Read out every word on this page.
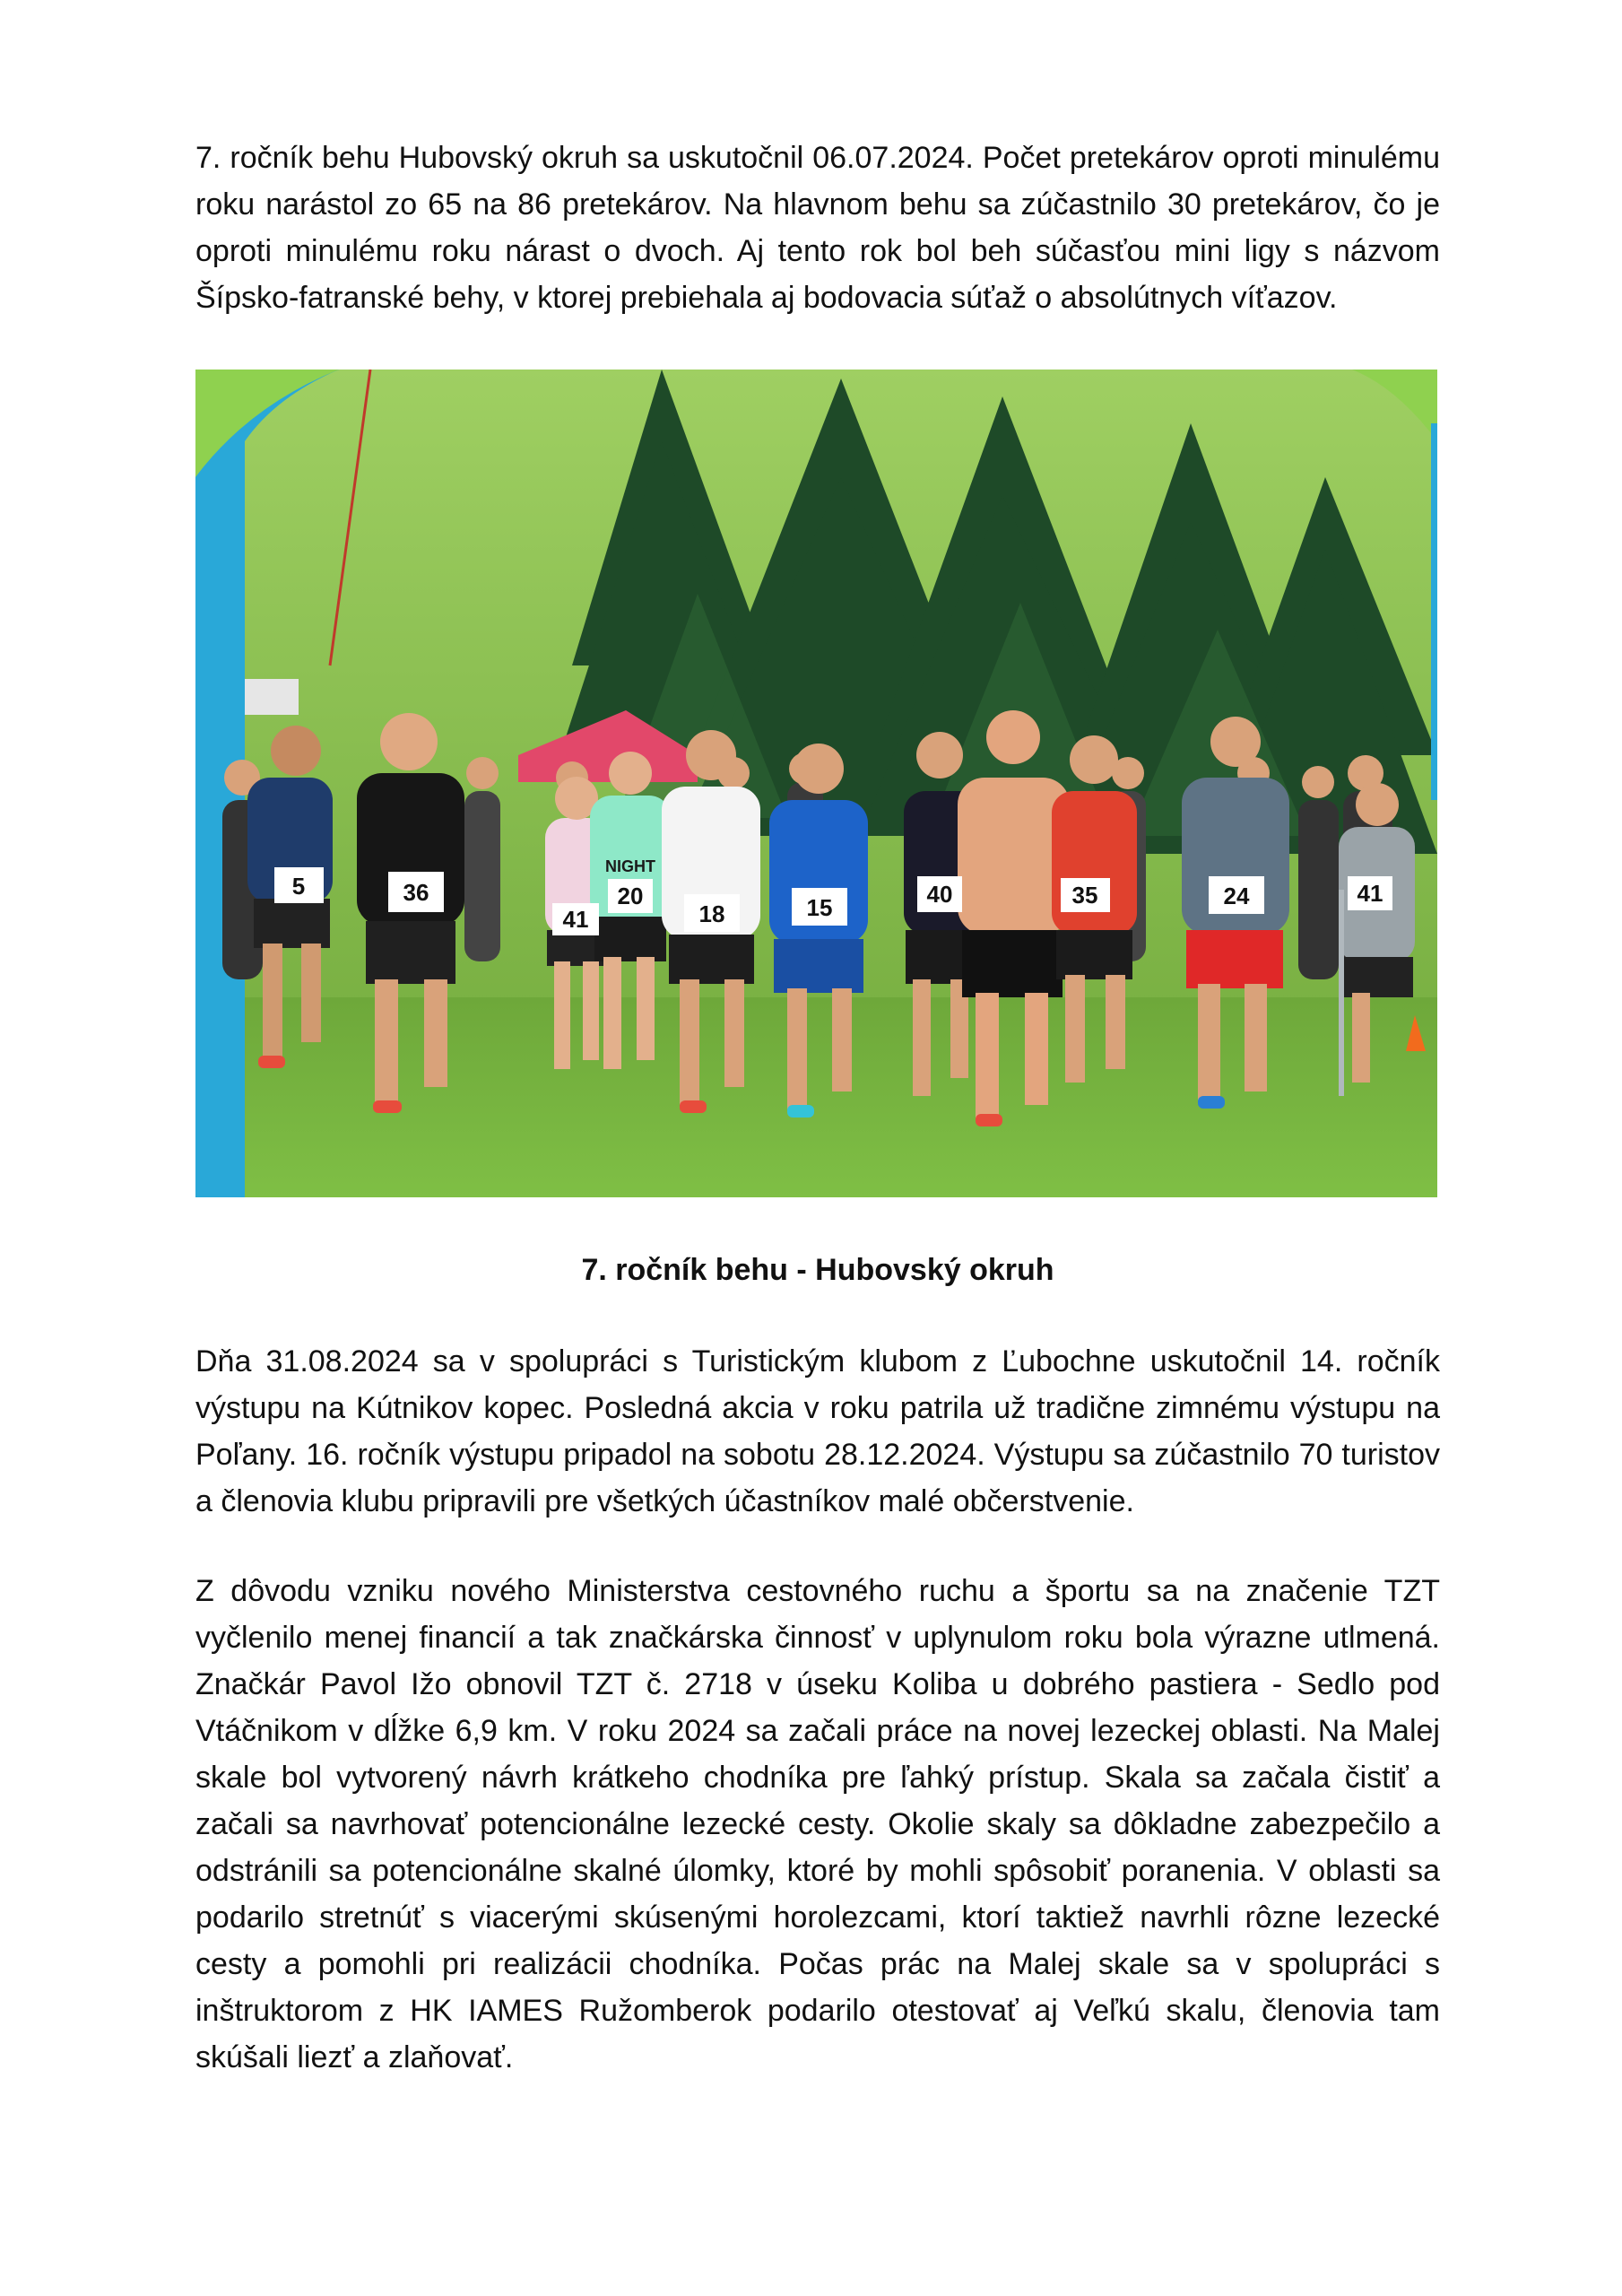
7. ročník behu Hubovský okruh sa uskutočnil 06.07.2024. Počet pretekárov oproti minulému roku narástol zo 65 na 86 pretekárov. Na hlavnom behu sa zúčastnilo 30 pretekárov, čo je oproti minulému roku nárast o dvoch. Aj tento rok bol beh súčasťou mini ligy s názvom Šípsko-fatranské behy, v ktorej prebiehala aj bodovacia súťaž o absolútnych víťazov.

5	36
41
20
18	15	40	35	24	41
NIGHT

7. ročník behu - Hubovský okruh

Dňa 31.08.2024 sa v spolupráci s Turistickým klubom z Ľubochne uskutočnil 14. ročník výstupu na Kútnikov kopec. Posledná akcia v roku patrila už tradične zimnému výstupu na Poľany. 16. ročník výstupu pripadol na sobotu 28.12.2024. Výstupu sa zúčastnilo 70 turistov a členovia klubu pripravili pre všetkých účastníkov malé občerstvenie.

Z dôvodu vzniku nového Ministerstva cestovného ruchu a športu sa na značenie TZT vyčlenilo menej financií a tak značkárska činnosť v uplynulom roku bola výrazne utlmená. Značkár Pavol Ižo obnovil TZT č. 2718 v úseku Koliba u dobrého pastiera - Sedlo pod Vtáčnikom v dĺžke 6,9 km. V roku 2024 sa začali práce na novej lezeckej oblasti. Na Malej skale bol vytvorený návrh krátkeho chodníka pre ľahký prístup. Skala sa začala čistiť a začali sa navrhovať potencionálne lezecké cesty. Okolie skaly sa dôkladne zabezpečilo a odstránili sa potencionálne skalné úlomky, ktoré by mohli spôsobiť poranenia. V oblasti sa podarilo stretnúť s viacerými skúsenými horolezcami, ktorí taktiež navrhli rôzne lezecké cesty a pomohli pri realizácii chodníka. Počas prác na Malej skale sa v spolupráci s inštruktorom z HK IAMES Ružomberok podarilo otestovať aj Veľkú skalu, členovia tam skúšali liezť a zlaňovať.
